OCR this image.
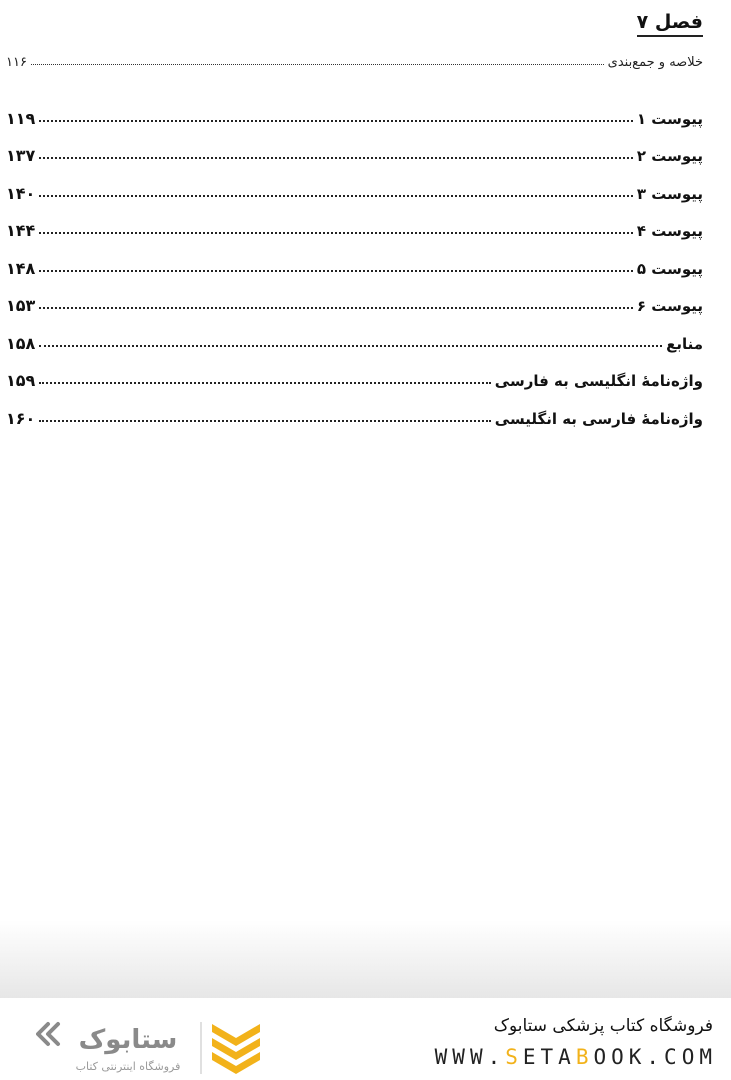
فصل ۷
خلاصه و جمع‌بندی
۱۱۶
پیوست ۱
۱۱۹
پیوست ۲
۱۳۷
پیوست ۳
۱۴۰
پیوست ۴
۱۴۴
پیوست ۵
۱۴۸
پیوست ۶
۱۵۳
منابع
۱۵۸
واژه‌نامهٔ انگلیسی به فارسی
۱۵۹
واژه‌نامهٔ فارسی به انگلیسی
۱۶۰
ستابوک
فروشگاه اینترنتی کتاب
فروشگاه کتاب پزشکی ستابوک
WWW.SETABOOK.COM
